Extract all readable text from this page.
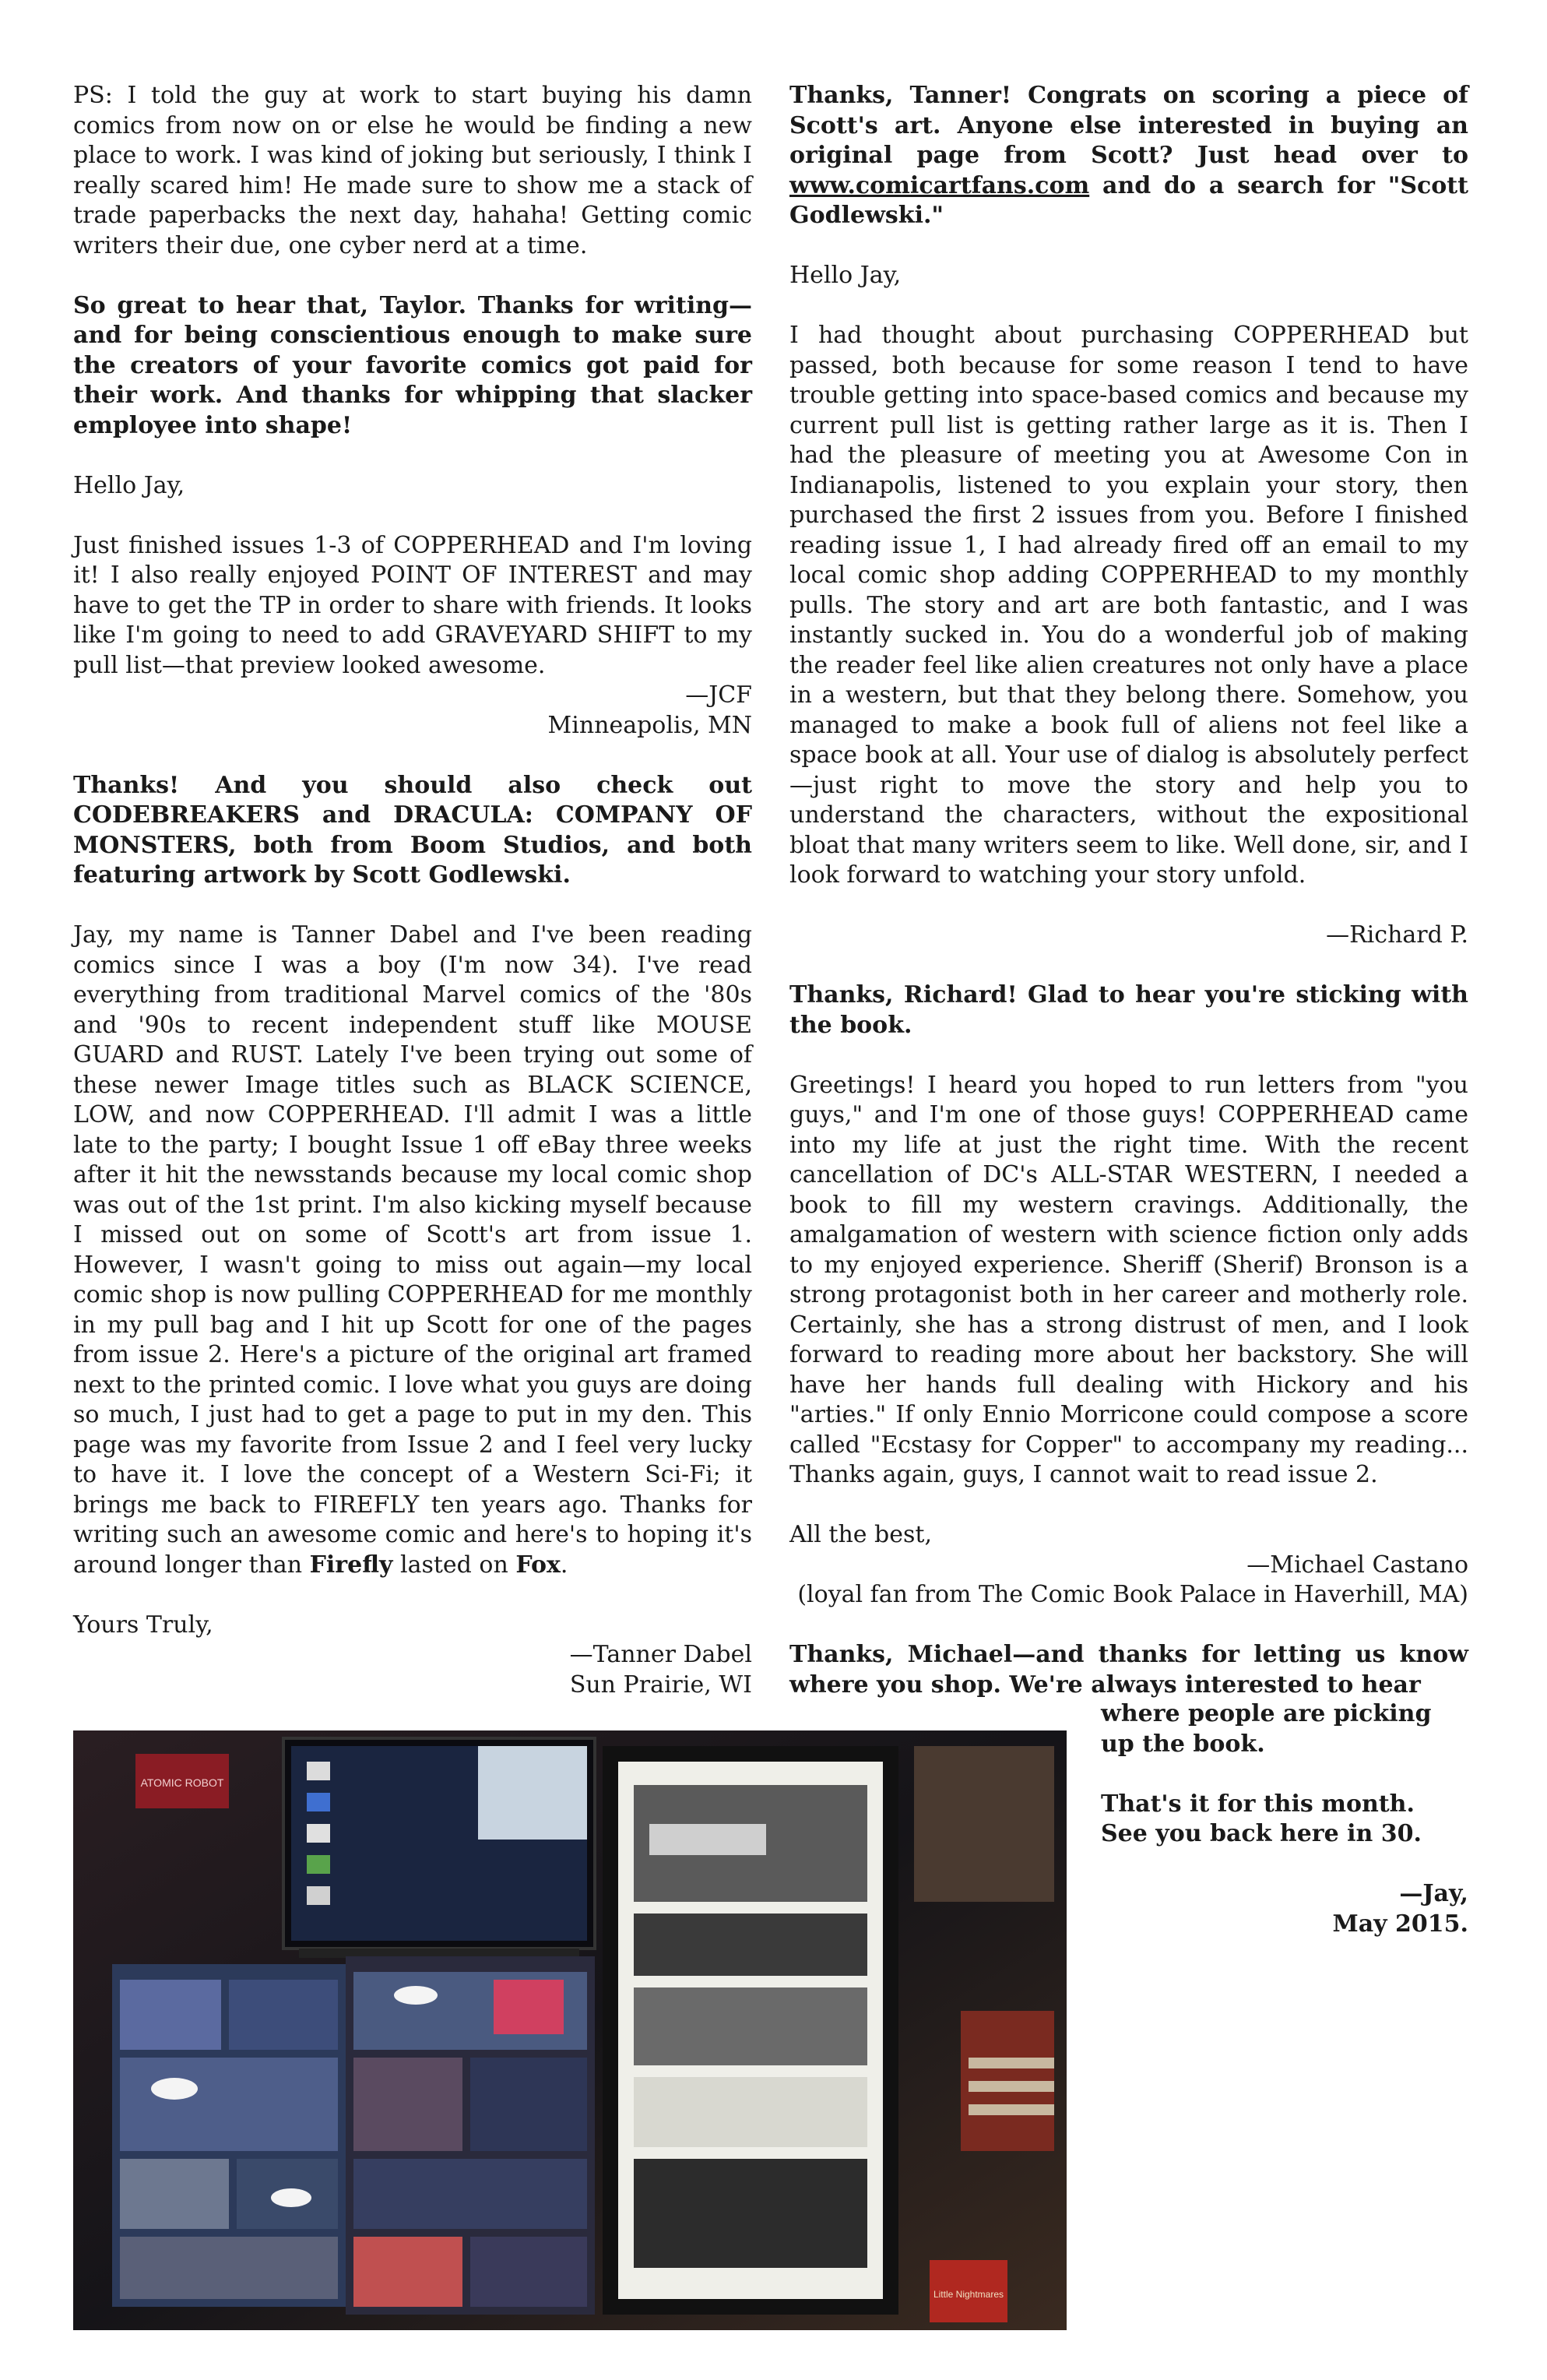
PS: I told the guy at work to start buying his damn comics from now on or else he would be finding a new place to work. I was kind of joking but seriously, I think I really scared him! He made sure to show me a stack of trade paperbacks the next day, hahaha! Getting comic writers their due, one cyber nerd at a time.

So great to hear that, Taylor. Thanks for writing—and for being conscientious enough to make sure the creators of your favorite comics got paid for their work. And thanks for whipping that slacker employee into shape!

Hello Jay,

Just finished issues 1-3 of COPPERHEAD and I'm loving it! I also really enjoyed POINT OF INTEREST and may have to get the TP in order to share with friends. It looks like I'm going to need to add GRAVEYARD SHIFT to my pull list—that preview looked awesome.

—JCF
Minneapolis, MN

Thanks! And you should also check out CODEBREAKERS and DRACULA: COMPANY OF MONSTERS, both from Boom Studios, and both featuring artwork by Scott Godlewski.

Jay, my name is Tanner Dabel and I've been reading comics since I was a boy (I'm now 34). I've read everything from traditional Marvel comics of the '80s and '90s to recent independent stuff like MOUSE GUARD and RUST. Lately I've been trying out some of these newer Image titles such as BLACK SCIENCE, LOW, and now COPPERHEAD. I'll admit I was a little late to the party; I bought Issue 1 off eBay three weeks after it hit the newsstands because my local comic shop was out of the 1st print. I'm also kicking myself because I missed out on some of Scott's art from issue 1. However, I wasn't going to miss out again—my local comic shop is now pulling COPPERHEAD for me monthly in my pull bag and I hit up Scott for one of the pages from issue 2. Here's a picture of the original art framed next to the printed comic. I love what you guys are doing so much, I just had to get a page to put in my den. This page was my favorite from Issue 2 and I feel very lucky to have it. I love the concept of a Western Sci-Fi; it brings me back to FIREFLY ten years ago. Thanks for writing such an awesome comic and here's to hoping it's around longer than Firefly lasted on Fox.

Yours Truly,

—Tanner Dabel
Sun Prairie, WI

Thanks, Tanner! Congrats on scoring a piece of Scott's art. Anyone else interested in buying an original page from Scott? Just head over to www.comicartfans.com and do a search for "Scott Godlewski."

Hello Jay,

I had thought about purchasing COPPERHEAD but passed, both because for some reason I tend to have trouble getting into space-based comics and because my current pull list is getting rather large as it is. Then I had the pleasure of meeting you at Awesome Con in Indianapolis, listened to you explain your story, then purchased the first 2 issues from you. Before I finished reading issue 1, I had already fired off an email to my local comic shop adding COPPERHEAD to my monthly pulls. The story and art are both fantastic, and I was instantly sucked in. You do a wonderful job of making the reader feel like alien creatures not only have a place in a western, but that they belong there. Somehow, you managed to make a book full of aliens not feel like a space book at all. Your use of dialog is absolutely perfect—just right to move the story and help you to understand the characters, without the expositional bloat that many writers seem to like. Well done, sir, and I look forward to watching your story unfold.

—Richard P.

Thanks, Richard! Glad to hear you're sticking with the book.

Greetings! I heard you hoped to run letters from "you guys," and I'm one of those guys! COPPERHEAD came into my life at just the right time. With the recent cancellation of DC's ALL-STAR WESTERN, I needed a book to fill my western cravings. Additionally, the amalgamation of western with science fiction only adds to my enjoyed experience. Sheriff (Sherif) Bronson is a strong protagonist both in her career and motherly role. Certainly, she has a strong distrust of men, and I look forward to reading more about her backstory. She will have her hands full dealing with Hickory and his "arties." If only Ennio Morricone could compose a score called "Ecstasy for Copper" to accompany my reading... Thanks again, guys, I cannot wait to read issue 2.

All the best,

—Michael Castano
(loyal fan from The Comic Book Palace in Haverhill, MA)

Thanks, Michael—and thanks for letting us know where you shop. We're always interested to hear

where people are picking up the book.

That's it for this month. See you back here in 30.

—Jay,
May 2015.
ATOMIC ROBOT
Little Nightmares
